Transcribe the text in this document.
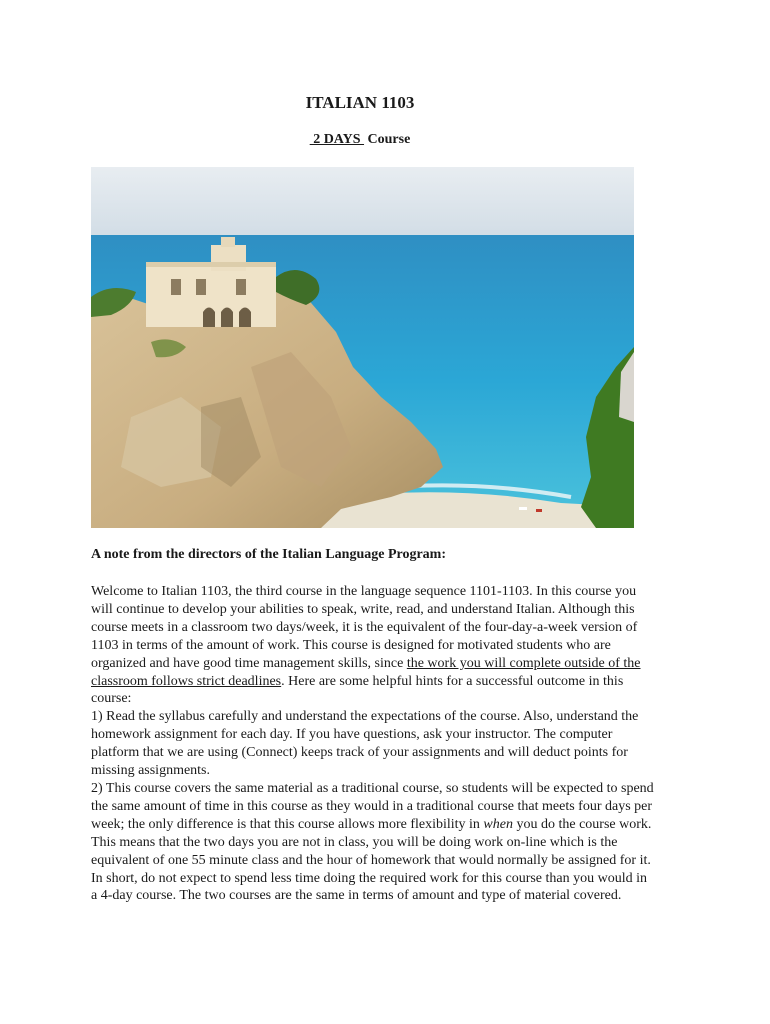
ITALIAN 1103
2 DAYS  Course
A note from the directors of the Italian Language Program:

Welcome to Italian 1103, the third course in the language sequence 1101-1103. In this course you will continue to develop your abilities to speak, write, read, and understand Italian. Although this course meets in a classroom two days/week, it is the equivalent of the four-day-a-week version of 1103 in terms of the amount of work. This course is designed for motivated students who are organized and have good time management skills, since the work you will complete outside of the classroom follows strict deadlines. Here are some helpful hints for a successful outcome in this course:

1) Read the syllabus carefully and understand the expectations of the course. Also, understand the homework assignment for each day. If you have questions, ask your instructor. The computer platform that we are using (Connect) keeps track of your assignments and will deduct points for missing assignments.

2) This course covers the same material as a traditional course, so students will be expected to spend the same amount of time in this course as they would in a traditional course that meets four days per week; the only difference is that this course allows more flexibility in when you do the course work. This means that the two days you are not in class, you will be doing work on-line which is the equivalent of one 55 minute class and the hour of homework that would normally be assigned for it. In short, do not expect to spend less time doing the required work for this course than you would in a 4-day course. The two courses are the same in terms of amount and type of material covered.
